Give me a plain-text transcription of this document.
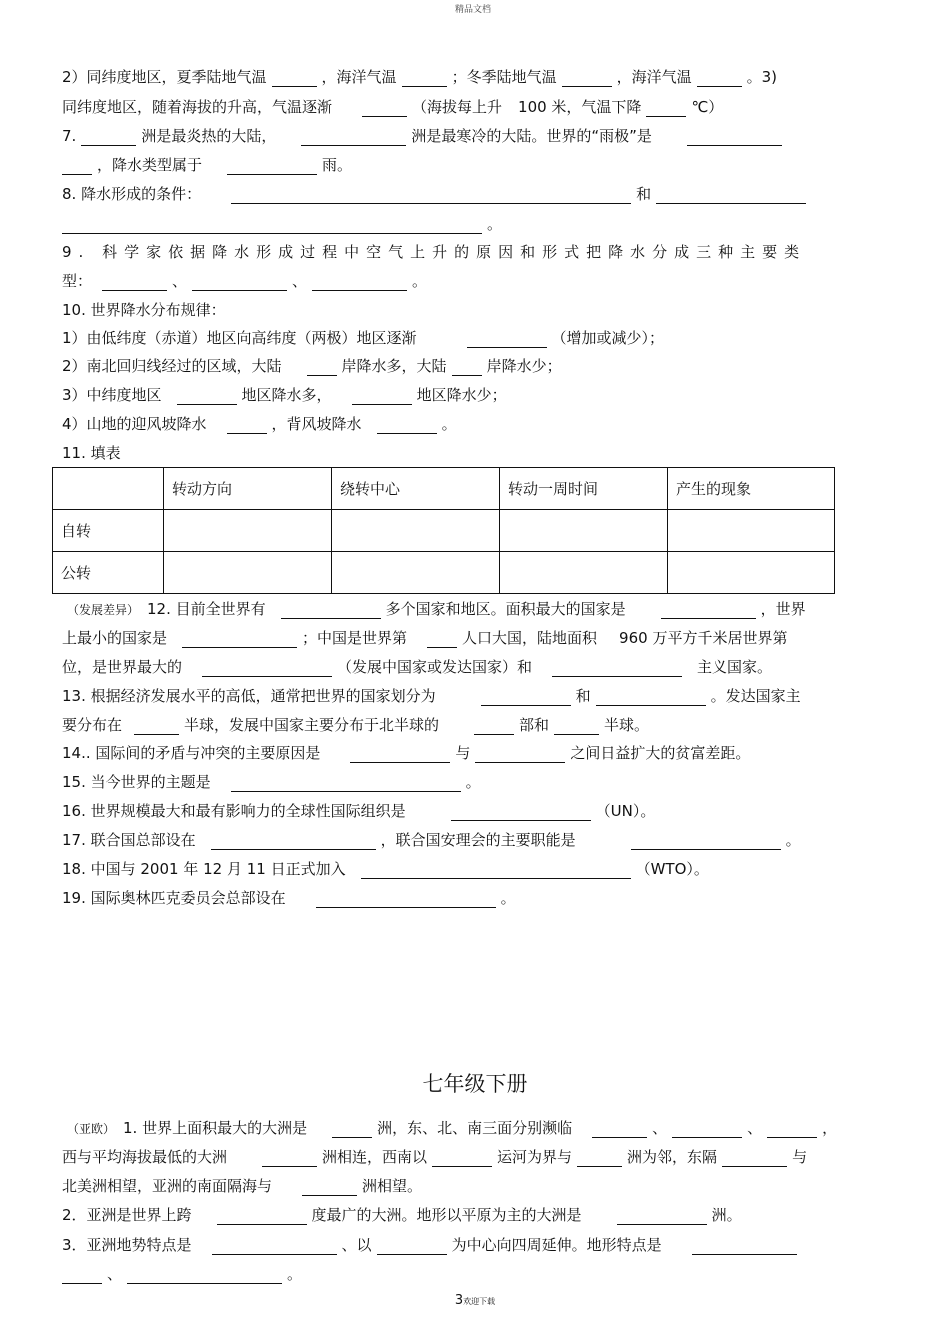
精品文档
2）同纬度地区，夏季陆地气温	，海洋气温	；冬季陆地气温	，海洋气温	。3)
同纬度地区，随着海拔的升高，气温逐渐	（海拔每上升 100 米，气温下降	℃）
7.	洲是最炎热的大陆，	洲是最寒冷的大陆。世界的“雨极”是
，降水类型属于	雨。
8. 降水形成的条件：	和
。
9. 科学家依据降水形成过程中空气上升的原因和形式把降水分成三种主要类
型：	、	、	。
10. 世界降水分布规律：
1）由低纬度（赤道）地区向高纬度（两极）地区逐渐	（增加或减少）；
2）南北回归线经过的区域，大陆	岸降水多，大陆	岸降水少；
3）中纬度地区	地区降水多，	地区降水少；
4）山地的迎风坡降水	，背风坡降水	。
11. 填表
	转动方向	绕转中心	转动一周时间	产生的现象
自转				
公转				
（发展差异） 12. 目前全世界有	多个国家和地区。面积最大的国家是	，世界
上最小的国家是	；中国是世界第	人口大国，陆地面积 960 万平方千米居世界第
位，是世界最大的	（发展中国家或发达国家）和	主义国家。
13. 根据经济发展水平的高低，通常把世界的国家划分为	和	。发达国家主
要分布在	半球，发展中国家主要分布于北半球的	部和	半球。
14.. 国际间的矛盾与冲突的主要原因是	与	之间日益扩大的贫富差距。
15. 当今世界的主题是	。
16. 世界规模最大和最有影响力的全球性国际组织是	（UN）。
17. 联合国总部设在	，联合国安理会的主要职能是	。
18. 中国与 2001 年 12 月 11 日正式加入	（WTO）。
19. 国际奥林匹克委员会总部设在	。
七年级下册
（亚欧） 1. 世界上面积最大的大洲是	洲，东、北、南三面分别濒临	、	、	，
西与平均海拔最低的大洲	洲相连，西南以	运河为界与	洲为邻，东隔	与
北美洲相望，亚洲的南面隔海与	洲相望。
2．亚洲是世界上跨	度最广的大洲。地形以平原为主的大洲是	洲。
3．亚洲地势特点是	、以	为中心向四周延伸。地形特点是
、	。
3欢迎下载
